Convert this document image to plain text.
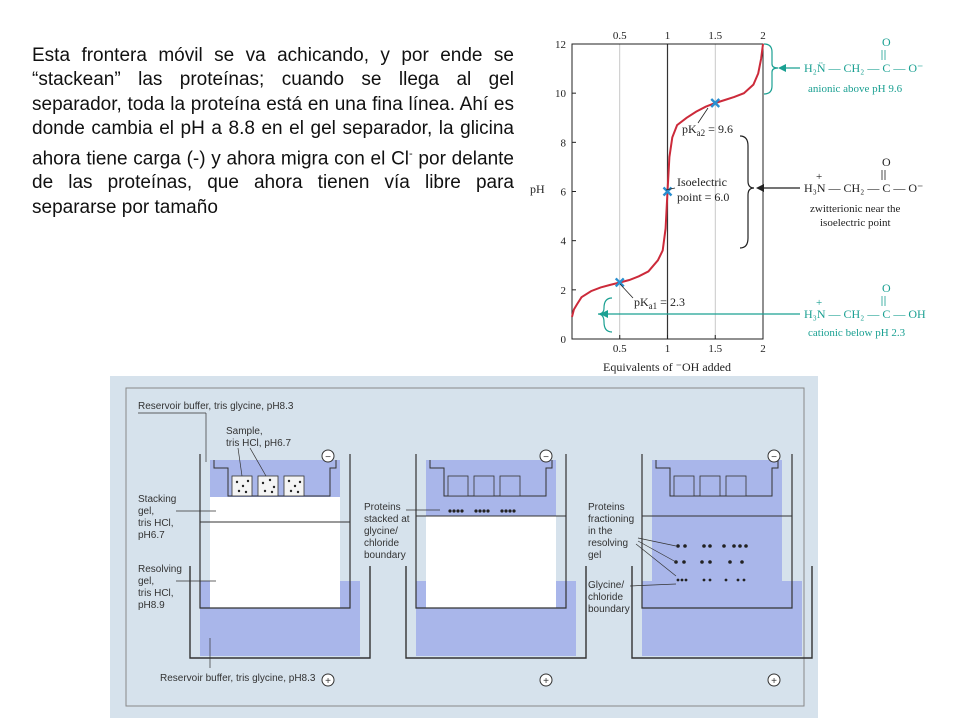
Esta frontera móvil se va achicando, y por ende se “stackean” las proteínas; cuando se llega al gel separador, toda la proteína está en una fina línea. Ahí es donde cambia el pH a 8.8 en el gel separador, la glicina ahora tiene carga (-) y ahora migra con el Cl- por delante de las proteínas, que ahora tienen vía libre para separarse por tamaño
0.5	1	1.5	2
0
2
4
6
8
10
12
0.5	1	1.5	2
pH
Equivalents of ⁻OH added
$pK_{a2} = 9.6$
Isoelectric
point = 6.0
$pK_{a1} = 2.3$
O
H₂N̈ — CH₂ — C — O⁻
anionic above pH 9.6
O
+
H₃N — CH₂ — C — O⁻
zwitterionic near the
isoelectric point
O
+
H₃N — CH₂ — C — OH
cationic below pH 2.3
−
+
Reservoir buffer, tris glycine, pH8.3
Sample,
tris HCl, pH6.7
Stacking
gel,
tris HCl,
pH6.7
Resolving
gel,
tris HCl,
pH8.9
Reservoir buffer, tris glycine, pH8.3
−
+
Proteins
stacked at
glycine/
chloride
boundary
−
+
Proteins
fractioning
in the
resolving
gel
Glycine/
chloride
boundary
